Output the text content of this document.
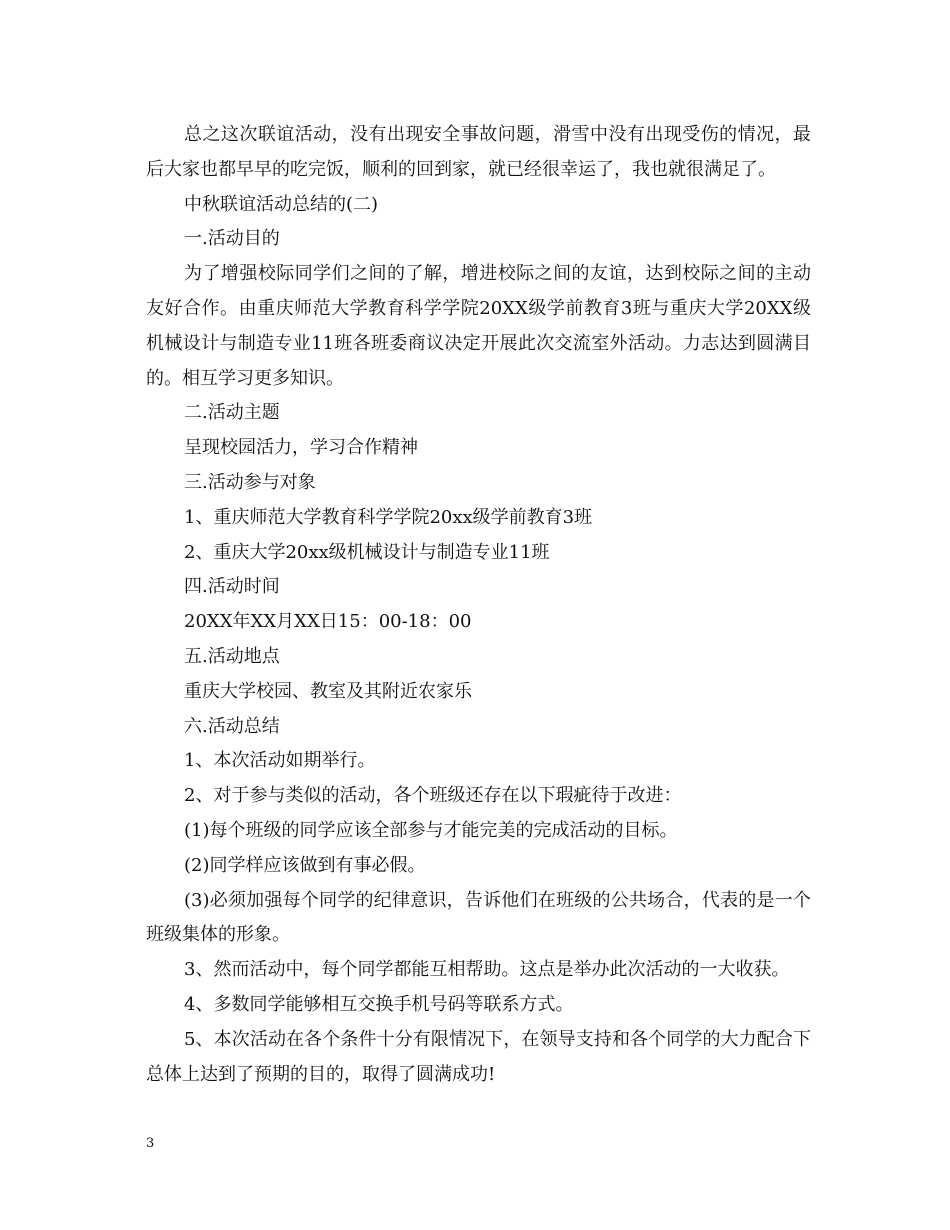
总之这次联谊活动，没有出现安全事故问题，滑雪中没有出现受伤的情况，最后大家也都早早的吃完饭，顺利的回到家，就已经很幸运了，我也就很满足了。

中秋联谊活动总结的(二)

一.活动目的

为了增强校际同学们之间的了解，增进校际之间的友谊，达到校际之间的主动友好合作。由重庆师范大学教育科学学院20XX级学前教育3班与重庆大学20XX级机械设计与制造专业11班各班委商议决定开展此次交流室外活动。力志达到圆满目的。相互学习更多知识。

二.活动主题

呈现校园活力，学习合作精神

三.活动参与对象

1、重庆师范大学教育科学学院20xx级学前教育3班

2、重庆大学20xx级机械设计与制造专业11班

四.活动时间

20XX年XX月XX日15：00-18：00

五.活动地点

重庆大学校园、教室及其附近农家乐

六.活动总结

1、本次活动如期举行。

2、对于参与类似的活动，各个班级还存在以下瑕疵待于改进：

(1)每个班级的同学应该全部参与才能完美的完成活动的目标。

(2)同学样应该做到有事必假。

(3)必须加强每个同学的纪律意识，告诉他们在班级的公共场合，代表的是一个班级集体的形象。

3、然而活动中，每个同学都能互相帮助。这点是举办此次活动的一大收获。

4、多数同学能够相互交换手机号码等联系方式。

5、本次活动在各个条件十分有限情况下，在领导支持和各个同学的大力配合下总体上达到了预期的目的，取得了圆满成功!

3
